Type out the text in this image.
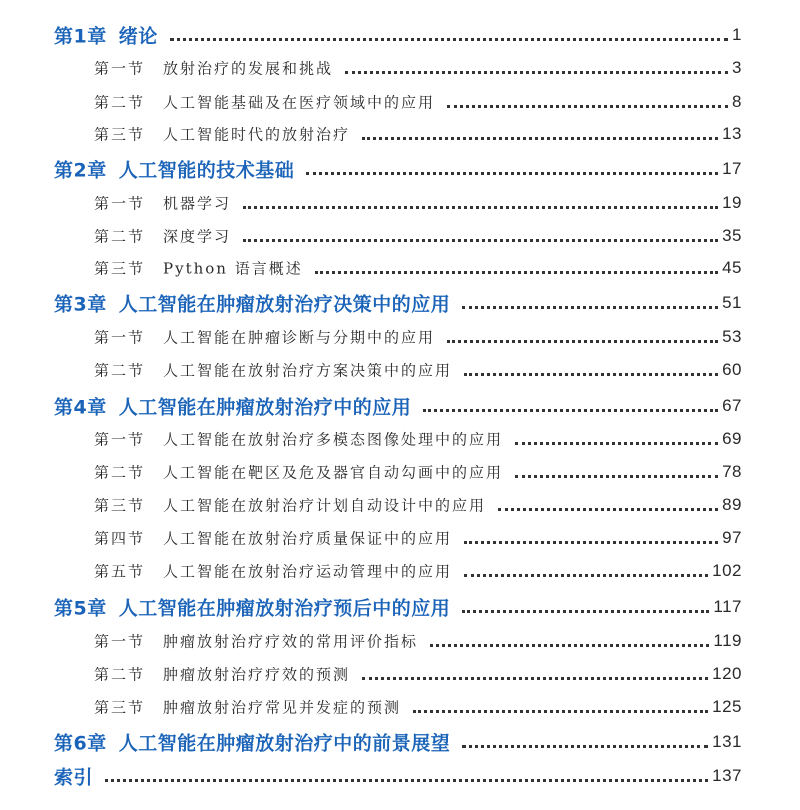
第1章 绪论	1
第一节 放射治疗的发展和挑战	3
第二节 人工智能基础及在医疗领域中的应用	8
第三节 人工智能时代的放射治疗	13
第2章 人工智能的技术基础	17
第一节 机器学习	19
第二节 深度学习	35
第三节 Python 语言概述	45
第3章 人工智能在肿瘤放射治疗决策中的应用	51
第一节 人工智能在肿瘤诊断与分期中的应用	53
第二节 人工智能在放射治疗方案决策中的应用	60
第4章 人工智能在肿瘤放射治疗中的应用	67
第一节 人工智能在放射治疗多模态图像处理中的应用	69
第二节 人工智能在靶区及危及器官自动勾画中的应用	78
第三节 人工智能在放射治疗计划自动设计中的应用	89
第四节 人工智能在放射治疗质量保证中的应用	97
第五节 人工智能在放射治疗运动管理中的应用	102
第5章 人工智能在肿瘤放射治疗预后中的应用	117
第一节 肿瘤放射治疗疗效的常用评价指标	119
第二节 肿瘤放射治疗疗效的预测	120
第三节 肿瘤放射治疗常见并发症的预测	125
第6章 人工智能在肿瘤放射治疗中的前景展望	131
索引	137
